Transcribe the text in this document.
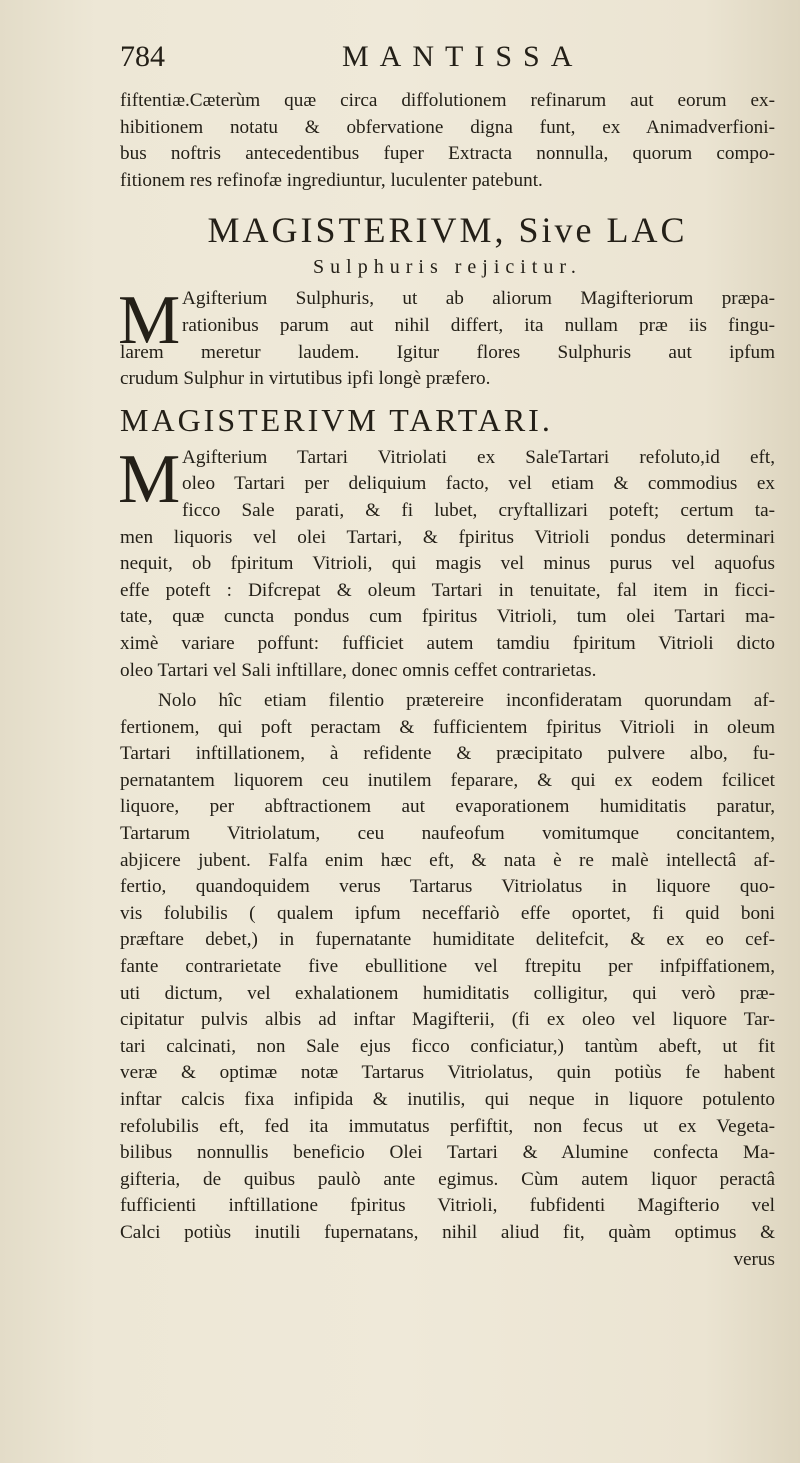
784	MANTISSA
fiftentiæ.Cæterùm quæ circa diffolutionem refinarum aut eorum ex-
hibitionem notatu & obfervatione digna funt, ex Animadverfioni-
bus noftris antecedentibus fuper Extracta nonnulla, quorum compo-
fitionem res refinofæ ingrediuntur, luculenter patebunt.
MAGISTERIVM, Sive LAC
Sulphuris rejicitur.
M Agifterium Sulphuris, ut ab aliorum Magifteriorum præpa-
rationibus parum aut nihil differt, ita nullam præ iis fingu-
larem meretur laudem. Igitur flores Sulphuris aut ipfum
crudum Sulphur in virtutibus ipfi longè præfero.
MAGISTERIVM TARTARI.
M Agifterium Tartari Vitriolati ex SaleTartari refoluto,id eft,
oleo Tartari per deliquium facto, vel etiam & commodius ex
ficco Sale parati, & fi lubet, cryftallizari poteft; certum ta-
men liquoris vel olei Tartari, & fpiritus Vitrioli pondus determinari
nequit, ob fpiritum Vitrioli, qui magis vel minus purus vel aquofus
effe poteft : Difcrepat & oleum Tartari in tenuitate, fal item in ficci-
tate, quæ cuncta pondus cum fpiritus Vitrioli, tum olei Tartari ma-
ximè variare poffunt: fufficiet autem tamdiu fpiritum Vitrioli dicto
oleo Tartari vel Sali inftillare, donec omnis ceffet contrarietas.
Nolo hîc etiam filentio prætereire inconfideratam quorundam af-
fertionem, qui poft peractam & fufficientem fpiritus Vitrioli in oleum
Tartari inftillationem, à refidente & præcipitato pulvere albo, fu-
pernatantem liquorem ceu inutilem feparare, & qui ex eodem fcilicet
liquore, per abftractionem aut evaporationem humiditatis paratur,
Tartarum Vitriolatum, ceu naufeofum vomitumque concitantem,
abjicere jubent. Falfa enim hæc eft, & nata è re malè intellectâ af-
fertio, quandoquidem verus Tartarus Vitriolatus in liquore quo-
vis folubilis ( qualem ipfum neceffariò effe oportet, fi quid boni
præftare debet,) in fupernatante humiditate delitefcit, & ex eo cef-
fante contrarietate five ebullitione vel ftrepitu per infpiffationem,
uti dictum, vel exhalationem humiditatis colligitur, qui verò præ-
cipitatur pulvis albis ad inftar Magifterii, (fi ex oleo vel liquore Tar-
tari calcinati, non Sale ejus ficco conficiatur,) tantùm abeft, ut fit
veræ & optimæ notæ Tartarus Vitriolatus, quin potiùs fe habent
inftar calcis fixa infipida & inutilis, qui neque in liquore potulento
refolubilis eft, fed ita immutatus perfiftit, non fecus ut ex Vegeta-
bilibus nonnullis beneficio Olei Tartari & Alumine confecta Ma-
gifteria, de quibus paulò ante egimus. Cùm autem liquor peractâ
fufficienti inftillatione fpiritus Vitrioli, fubfidenti Magifterio vel
Calci potiùs inutili fupernatans, nihil aliud fit, quàm optimus &
verus
